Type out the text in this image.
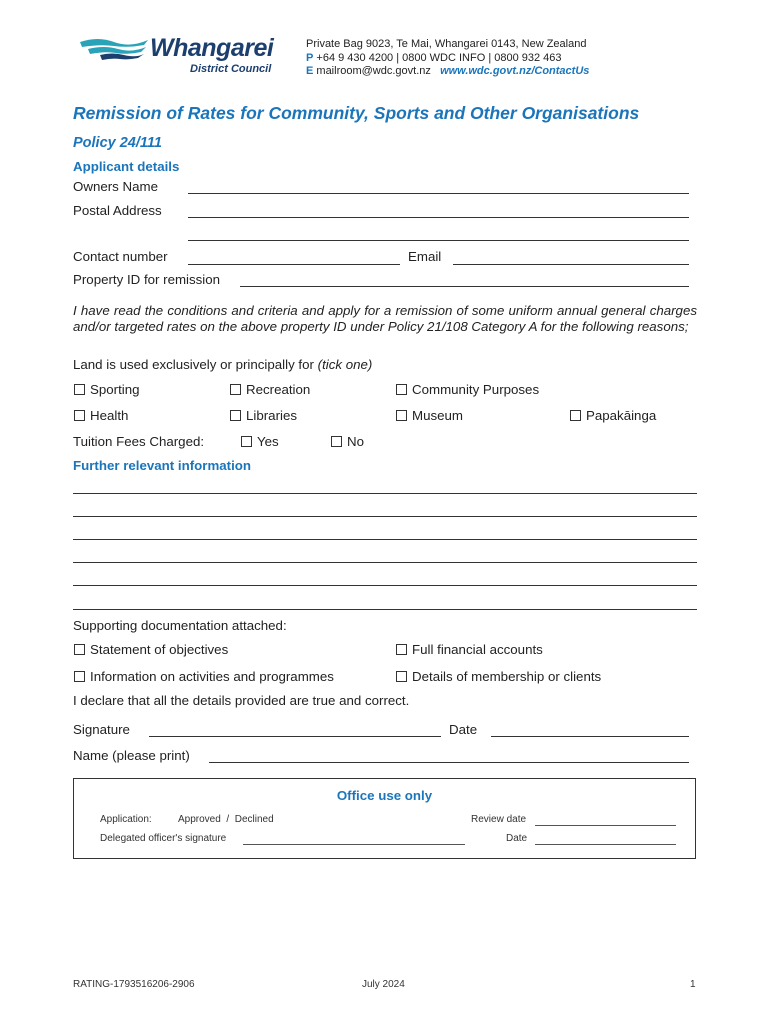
Whangarei
District Council
Private Bag 9023, Te Mai, Whangarei 0143, New Zealand
P +64 9 430 4200 | 0800 WDC INFO | 0800 932 463
E mailroom@wdc.govt.nz www.wdc.govt.nz/ContactUs
Remission of Rates for Community, Sports and Other Organisations
Policy 24/111
Applicant details
Owners Name
Postal Address
Contact number	Email
Property ID for remission
I have read the conditions and criteria and apply for a remission of some uniform annual general charges and/or targeted rates on the above property ID under Policy 21/108 Category A for the following reasons;
Land is used exclusively or principally for (tick one)
Sporting	Recreation	Community Purposes
Health	Libraries	Museum	Papakāinga
Tuition Fees Charged:	Yes	No
Further relevant information
Supporting documentation attached:
Statement of objectives	Full financial accounts
Information on activities and programmes	Details of membership or clients
I declare that all the details provided are true and correct.
Signature	Date
Name (please print)
Office use only
Application:	Approved / Declined	Review date
Delegated officer's signature	Date
RATING-1793516206-2906	July 2024	1
